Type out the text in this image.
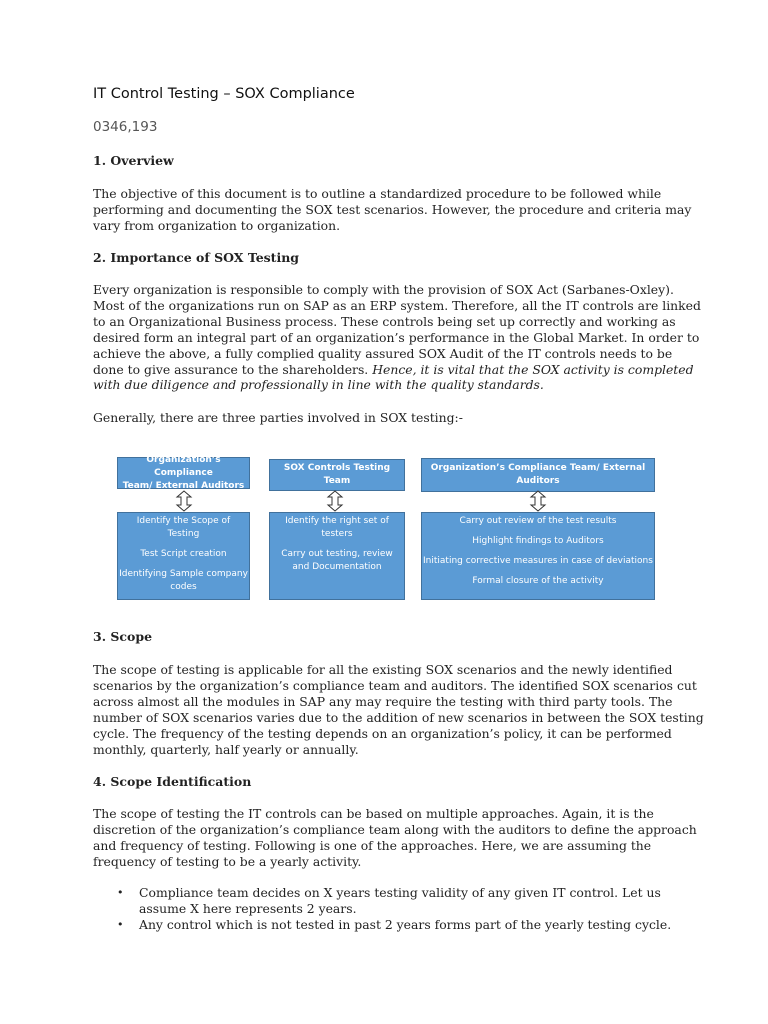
IT Control Testing – SOX Compliance
0346,193
1. Overview

The objective of this document is to outline a standardized procedure to be followed while
performing and documenting the SOX test scenarios. However, the procedure and criteria may
vary from organization to organization.

2. Importance of SOX Testing

Every organization is responsible to comply with the provision of SOX Act (Sarbanes-Oxley).
Most of the organizations run on SAP as an ERP system. Therefore, all the IT controls are linked
to an Organizational Business process. These controls being set up correctly and working as
desired form an integral part of an organization’s performance in the Global Market. In order to
achieve the above, a fully complied quality assured SOX Audit of the IT controls needs to be
done to give assurance to the shareholders. Hence, it is vital that the SOX activity is completed
with due diligence and professionally in line with the quality standards.

Generally, there are three parties involved in SOX testing:-

3. Scope

The scope of testing is applicable for all the existing SOX scenarios and the newly identified
scenarios by the organization’s compliance team and auditors. The identified SOX scenarios cut
across almost all the modules in SAP any may require the testing with third party tools. The
number of SOX scenarios varies due to the addition of new scenarios in between the SOX testing
cycle. The frequency of the testing depends on an organization’s policy, it can be performed
monthly, quarterly, half yearly or annually.

4. Scope Identification

The scope of testing the IT controls can be based on multiple approaches. Again, it is the
discretion of the organization’s compliance team along with the auditors to define the approach
and frequency of testing. Following is one of the approaches. Here, we are assuming the
frequency of testing to be a yearly activity.

Organization’s Compliance
Team/ External Auditors
Identify the Scope of
Testing
Test Script creation
Identifying Sample company
codes
SOX Controls Testing Team
Identify the right set of
testers
Carry out testing, review
and Documentation
Organization’s Compliance Team/ External
Auditors
Carry out review of the test results
Highlight findings to Auditors
Initiating corrective measures in case of deviations
Formal closure of the activity
• Compliance team decides on X years testing validity of any given IT control. Let us
assume X here represents 2 years.
• Any control which is not tested in past 2 years forms part of the yearly testing cycle.
